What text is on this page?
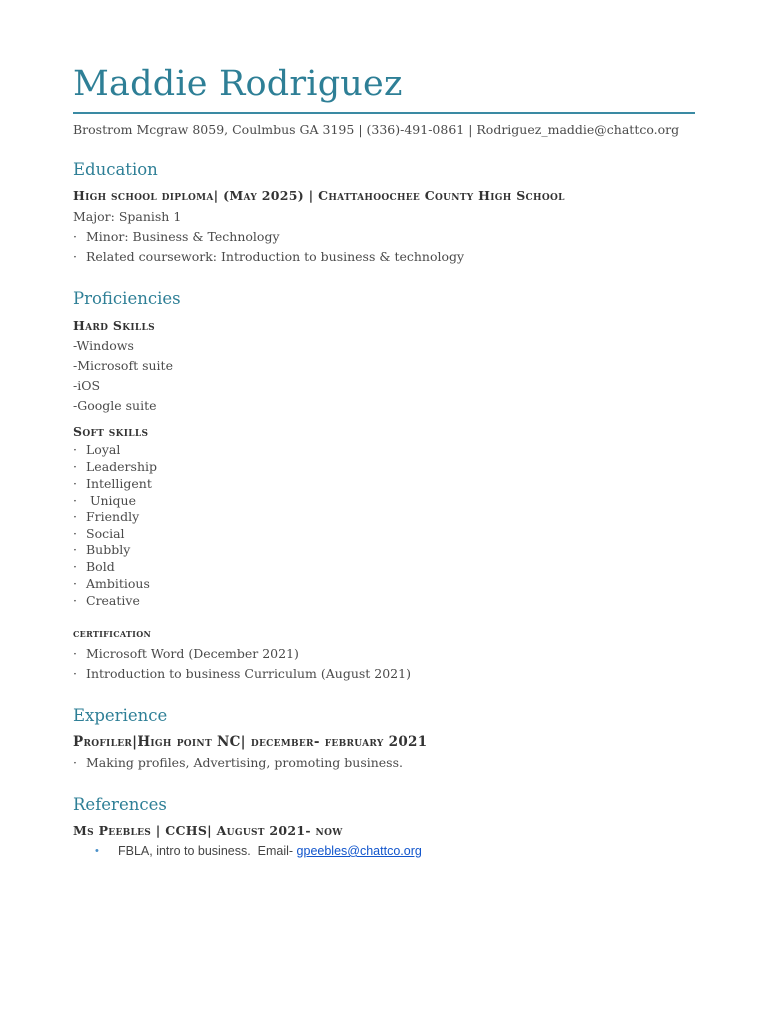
Maddie Rodriguez
Brostrom Mcgraw 8059, Coulmbus GA 3195 | (336)-491-0861 | Rodriguez_maddie@chattco.org
Education
High school diploma| (May 2025) | Chattahoochee County High School
Major: Spanish 1
· Minor: Business & Technology
· Related coursework: Introduction to business & technology
Proficiencies
Hard Skills
-Windows
-Microsoft suite
-iOS
-Google suite
Soft skills
· Loyal
· Leadership
· Intelligent
· Unique
· Friendly
· Social
· Bubbly
· Bold
· Ambitious
· Creative
certification
· Microsoft Word (December 2021)
· Introduction to business Curriculum (August 2021)
Experience
Profiler|High point NC| december- february 2021
· Making profiles, Advertising, promoting business.
References
Ms Peebles | CCHS| August 2021- now
• FBLA, intro to business.  Email- gpeebles@chattco.org
